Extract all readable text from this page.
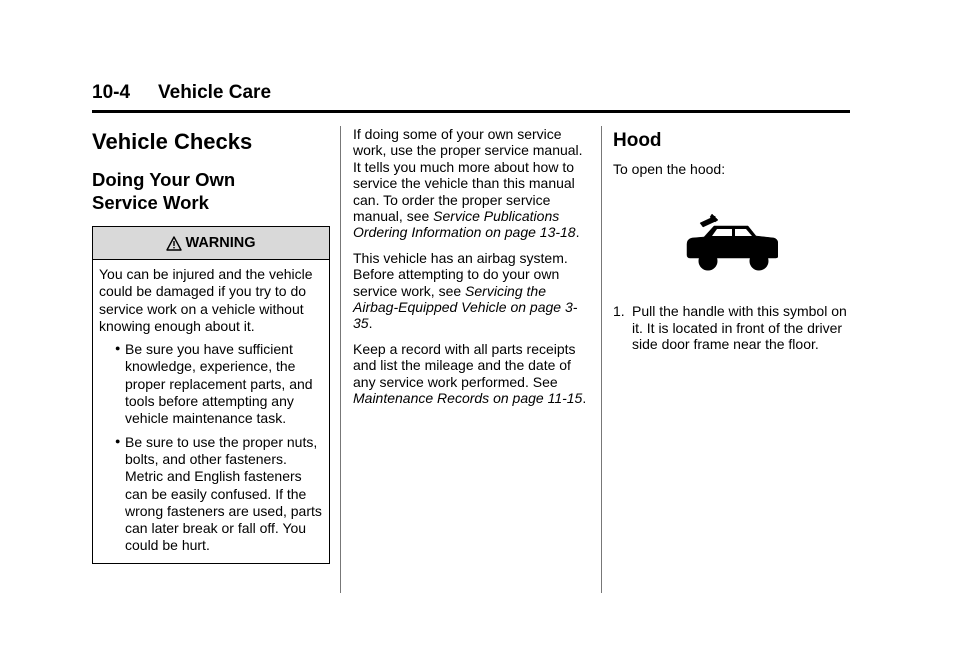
10-4	Vehicle Care
Vehicle Checks
Doing Your Own
Service Work
WARNING

You can be injured and the vehicle could be damaged if you try to do service work on a vehicle without knowing enough about it.

● Be sure you have sufficient knowledge, experience, the proper replacement parts, and tools before attempting any vehicle maintenance task.
● Be sure to use the proper nuts, bolts, and other fasteners. Metric and English fasteners can be easily confused. If the wrong fasteners are used, parts can later break or fall off. You could be hurt.

If doing some of your own service work, use the proper service manual. It tells you much more about how to service the vehicle than this manual can. To order the proper service manual, see Service Publications Ordering Information on page 13-18.

This vehicle has an airbag system. Before attempting to do your own service work, see Servicing the Airbag-Equipped Vehicle on page 3-35.

Keep a record with all parts receipts and list the mileage and the date of any service work performed. See Maintenance Records on page 11-15.

Hood

To open the hood:

1. Pull the handle with this symbol on it. It is located in front of the driver side door frame near the floor.
